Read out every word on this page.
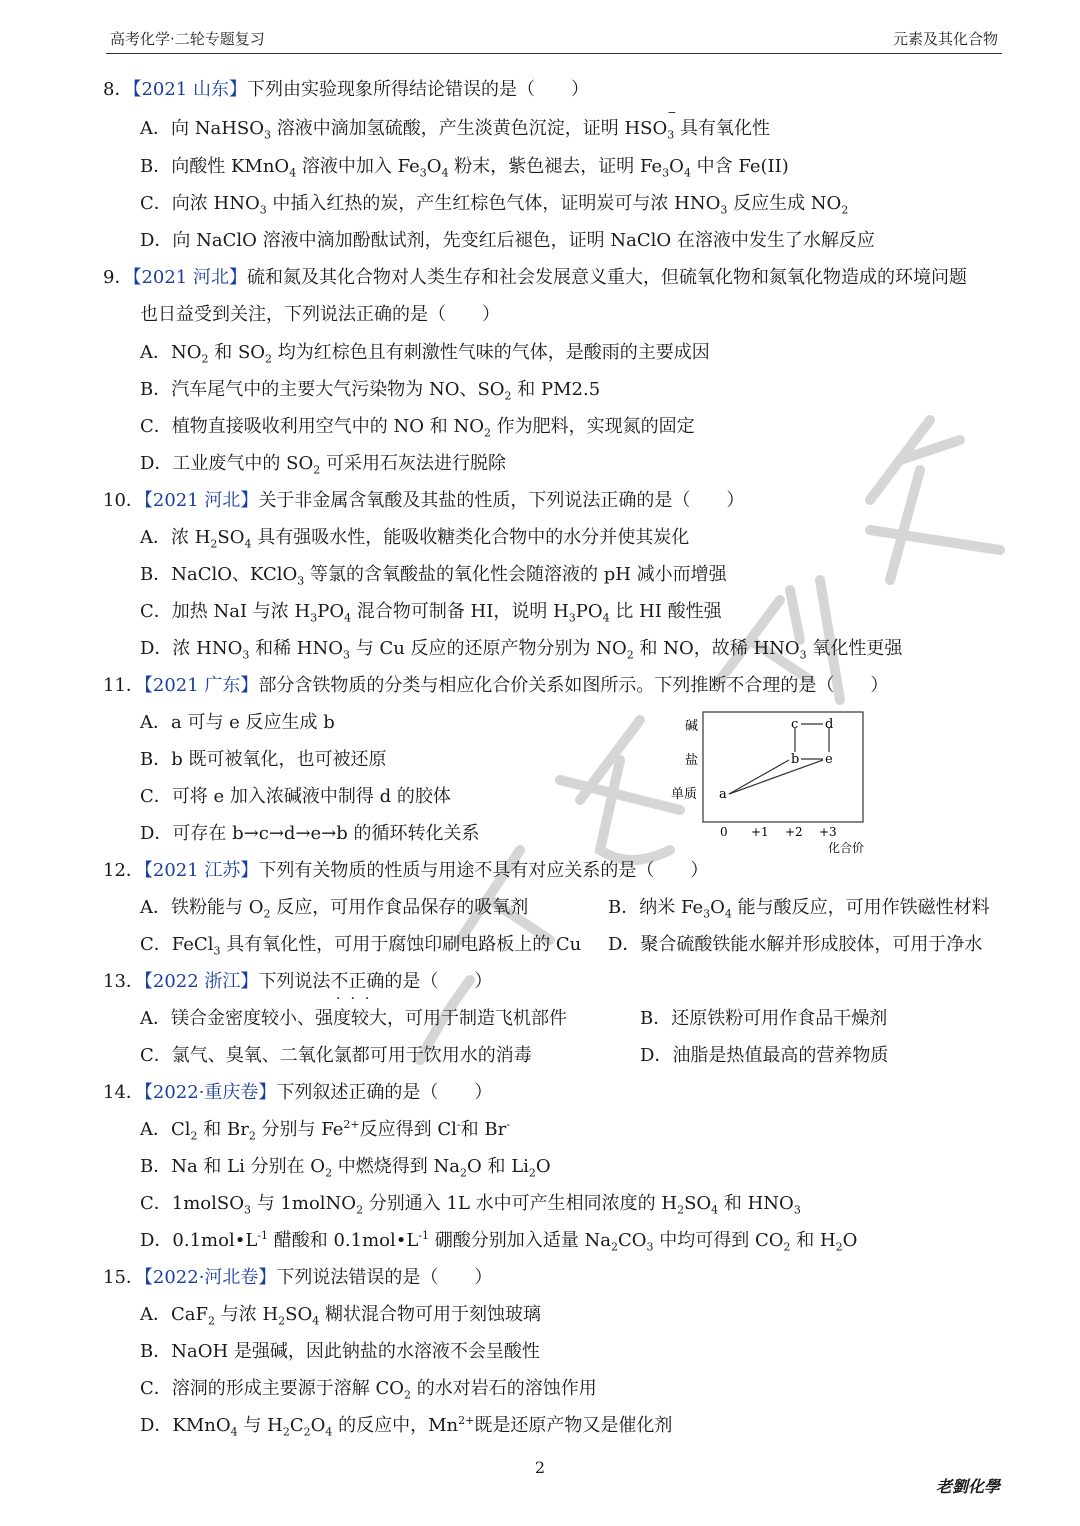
高考化学·二轮专题复习	元素及其化合物
8．【2021 山东】下列由实验现象所得结论错误的是（　　）
A．向 NaHSO$_3$ 溶液中滴加氢硫酸，产生淡黄色沉淀，证明 $HSO_3$
−
具有氧化性
B．向酸性 KMnO$_4$ 溶液中加入 $Fe_3O_4$ 粉末，紫色褪去，证明 $Fe_3O_4$ 中含 Fe(II)
C．向浓 $HNO_3$ 中插入红热的炭，产生红棕色气体，证明炭可与浓 $HNO_3$ 反应生成 $NO_2$
D．向 NaClO 溶液中滴加酚酞试剂，先变红后褪色，证明 NaClO 在溶液中发生了水解反应
9．【2021 河北】硫和氮及其化合物对人类生存和社会发展意义重大，但硫氧化物和氮氧化物造成的环境问题
也日益受到关注，下列说法正确的是（　　）
A．$NO_2$ 和 $SO_2$ 均为红棕色且有刺激性气味的气体，是酸雨的主要成因
B．汽车尾气中的主要大气污染物为 NO、$SO_2$ 和 PM2.5
C．植物直接吸收利用空气中的 NO 和 $NO_2$ 作为肥料，实现氮的固定
D．工业废气中的 $SO_2$ 可采用石灰法进行脱除
10．【2021 河北】关于非金属含氧酸及其盐的性质，下列说法正确的是（　　）
A．浓 $H_2SO_4$ 具有强吸水性，能吸收糖类化合物中的水分并使其炭化
B．NaClO、KClO$_3$ 等氯的含氧酸盐的氧化性会随溶液的 pH 减小而增强
C．加热 NaI 与浓 $H_3PO_4$ 混合物可制备 HI，说明 $H_3PO_4$ 比 HI 酸性强
D．浓 $HNO_3$ 和稀 $HNO_3$ 与 Cu 反应的还原产物分别为 $NO_2$ 和 NO，故稀 $HNO_3$ 氧化性更强
11．【2021 广东】部分含铁物质的分类与相应化合价关系如图所示。下列推断不合理的是（　　）
A．a 可与 e 反应生成 b
B．b 既可被氧化，也可被还原
C．可将 e 加入浓碱液中制得 d 的胶体
D．可存在 b→c→d→e→b 的循环转化关系
碱
盐
单质
0 +1 +2 +3
化合价
a
b
c d
e
12．【2021 江苏】下列有关物质的性质与用途不具有对应关系的是（　　）
A．铁粉能与 $O_2$ 反应，可用作食品保存的吸氧剂	B．纳米 $Fe_3O_4$ 能与酸反应，可用作铁磁性材料
C．FeCl$_3$ 具有氧化性，可用于腐蚀印刷电路板上的 Cu D．聚合硫酸铁能水解并形成胶体，可用于净水
13．【2022 浙江】下列说法不正确的是（　　）
···
A．镁合金密度较小、强度较大，可用于制造飞机部件	B．还原铁粉可用作食品干燥剂
C．氯气、臭氧、二氧化氯都可用于饮用水的消毒	D．油脂是热值最高的营养物质
14．【2022·重庆卷】下列叙述正确的是（　　）
A．$Cl_2$ 和 $Br_2$ 分别与 $Fe^{2+}$反应得到 Cl-和 Br-
B．Na 和 Li 分别在 $O_2$ 中燃烧得到 $Na_2O$ 和 $Li_2O$
C．1molSO$_3$ 与 1molNO$_2$ 分别通入 1L 水中可产生相同浓度的 $H_2SO_4$ 和 $HNO_3$
D．$0.1mol•L^{-1}$ 醋酸和 $0.1mol•L^{-1}$ 硼酸分别加入适量 $Na_2CO_3$ 中均可得到 $CO_2$ 和 $H_2O$
15．【2022·河北卷】下列说法错误的是（　　）
A．CaF$_2$ 与浓 $H_2SO_4$ 糊状混合物可用于刻蚀玻璃
B．NaOH 是强碱，因此钠盐的水溶液不会呈酸性
C．溶洞的形成主要源于溶解 $CO_2$ 的水对岩石的溶蚀作用
D．KMnO$_4$ 与 $H_2C_2O_4$ 的反应中，$Mn^{2+}$既是还原产物又是催化剂
2
老劉化學
